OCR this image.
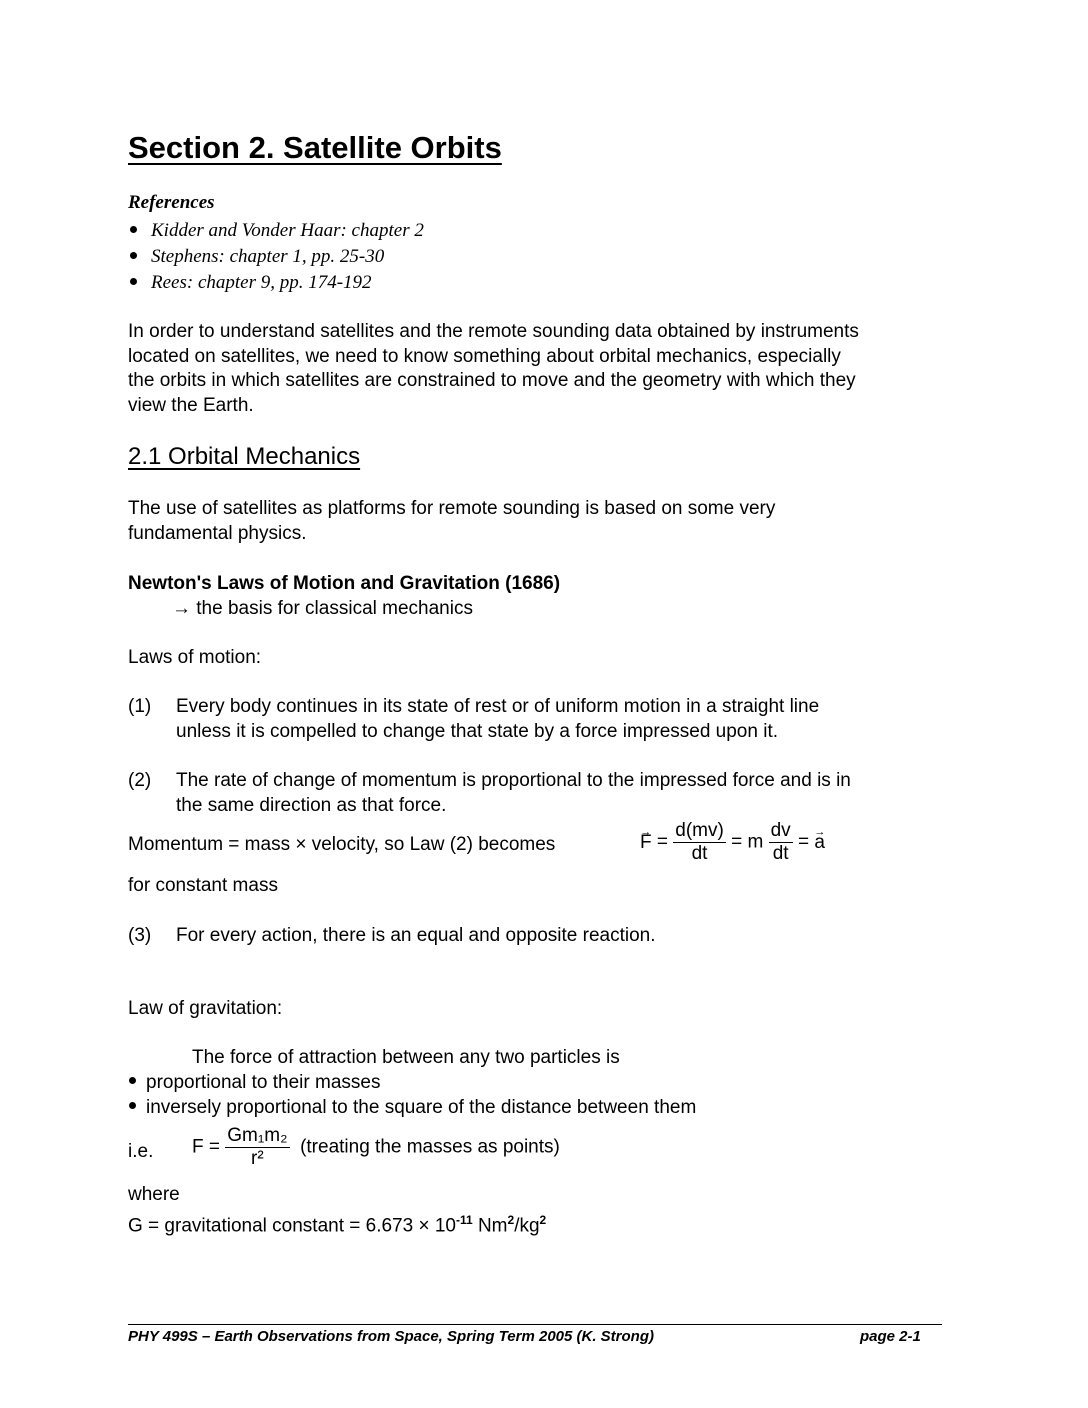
Section 2. Satellite Orbits
References
Kidder and Vonder Haar: chapter 2
Stephens: chapter 1, pp. 25-30
Rees: chapter 9, pp. 174-192
In order to understand satellites and the remote sounding data obtained by instruments
located on satellites, we need to know something about orbital mechanics, especially
the orbits in which satellites are constrained to move and the geometry with which they
view the Earth.
2.1 Orbital Mechanics
The use of satellites as platforms for remote sounding is based on some very
fundamental physics.
Newton's Laws of Motion and Gravitation (1686)
→ the basis for classical mechanics
Laws of motion:
(1) Every body continues in its state of rest or of uniform motion in a straight line
unless it is compelled to change that state by a force impressed upon it.
(2) The rate of change of momentum is proportional to the impressed force and is in
the same direction as that force.
Momentum = mass × velocity, so Law (2) becomes	→ $F = \frac{d(mv)}{dt} = m \frac{dv}{dt}$ = → a
for constant mass
(3) For every action, there is an equal and opposite reaction.
Law of gravitation:
The force of attraction between any two particles is
proportional to their masses
inversely proportional to the square of the distance between them
i.e. $F = \frac{\text{Gm₁m₂}}{\text{r²}}$ (treating the masses as points)
where
G = gravitational constant = $6.673 \times 10^{-11}$ $Nm^2/kg^2$
PHY 499S – Earth Observations from Space, Spring Term 2005 (K. Strong)	page 2-1
